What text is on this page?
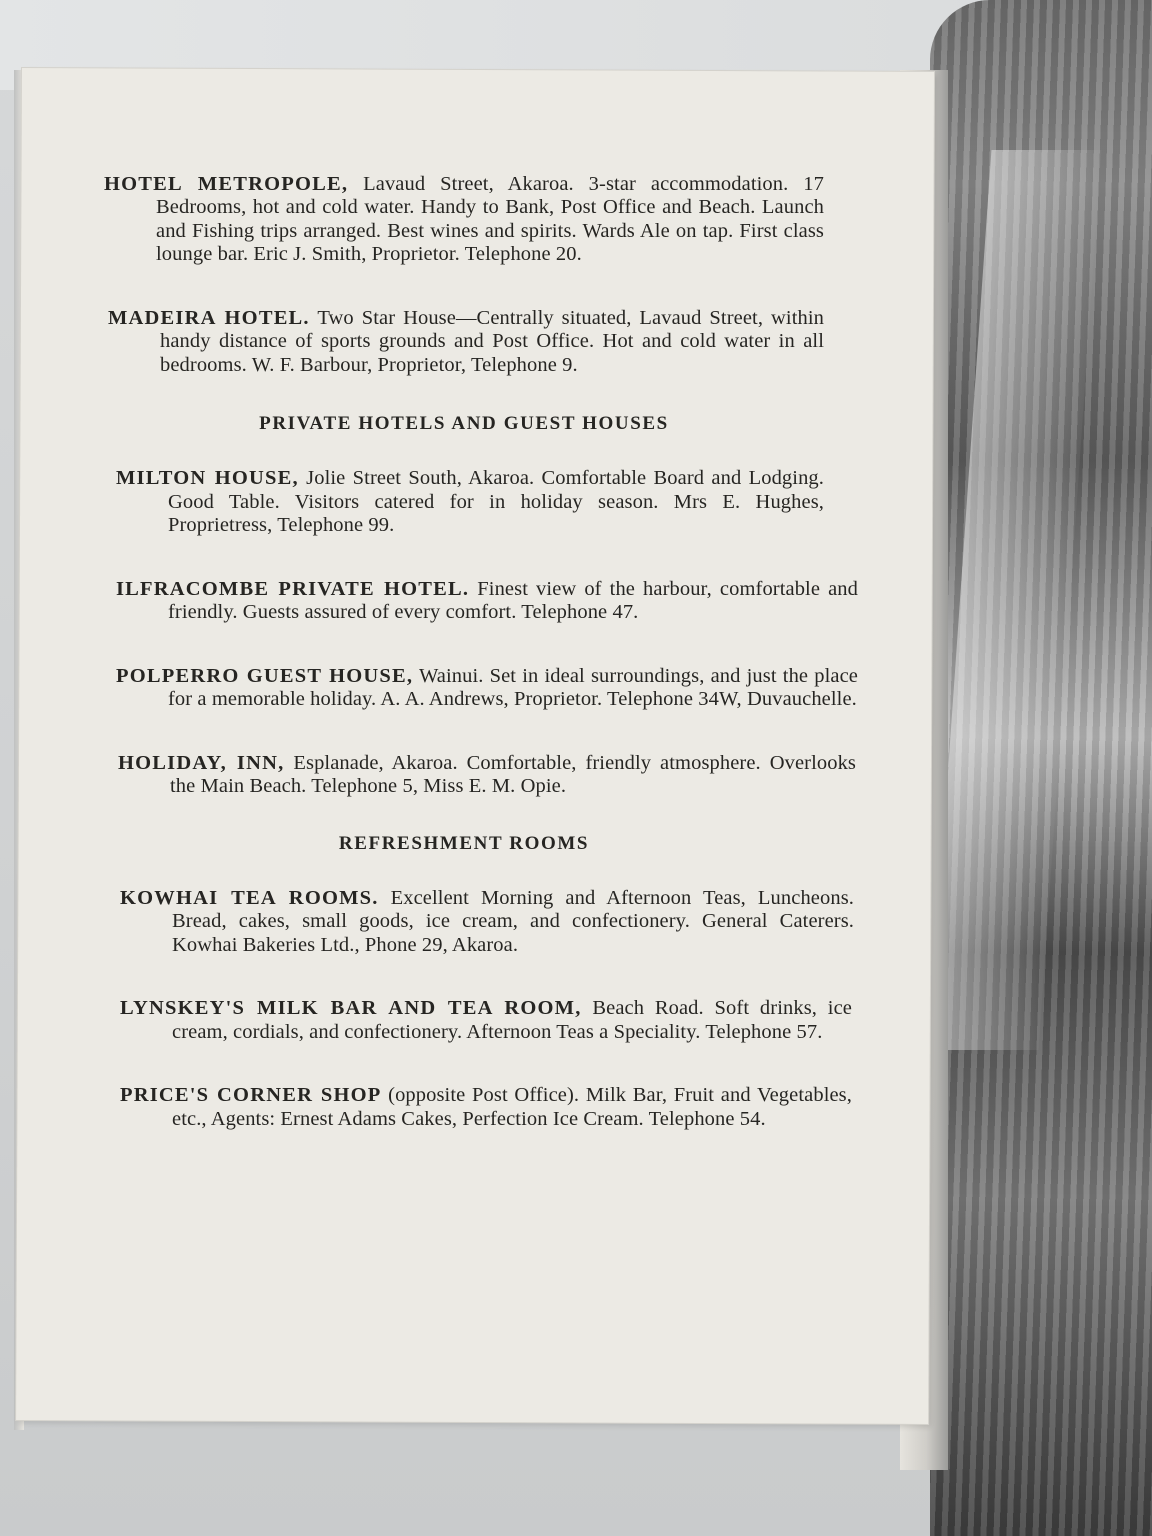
HOTEL METROPOLE, Lavaud Street, Akaroa. 3-star accommodation. 17 Bedrooms, hot and cold water. Handy to Bank, Post Office and Beach. Launch and Fishing trips arranged. Best wines and spirits. Wards Ale on tap. First class lounge bar. Eric J. Smith, Proprietor. Telephone 20.

MADEIRA HOTEL. Two Star House—Centrally situated, Lavaud Street, within handy distance of sports grounds and Post Office. Hot and cold water in all bedrooms. W. F. Barbour, Proprietor, Telephone 9.

PRIVATE HOTELS AND GUEST HOUSES

MILTON HOUSE, Jolie Street South, Akaroa. Comfortable Board and Lodging. Good Table. Visitors catered for in holiday season. Mrs E. Hughes, Proprietress, Telephone 99.

ILFRACOMBE PRIVATE HOTEL. Finest view of the harbour, comfortable and friendly. Guests assured of every comfort. Telephone 47.

POLPERRO GUEST HOUSE, Wainui. Set in ideal surroundings, and just the place for a memorable holiday. A. A. Andrews, Proprietor. Telephone 34W, Duvauchelle.

HOLIDAY, INN, Esplanade, Akaroa. Comfortable, friendly atmosphere. Overlooks the Main Beach. Telephone 5, Miss E. M. Opie.

REFRESHMENT ROOMS

KOWHAI TEA ROOMS. Excellent Morning and Afternoon Teas, Luncheons. Bread, cakes, small goods, ice cream, and confectionery. General Caterers. Kowhai Bakeries Ltd., Phone 29, Akaroa.

LYNSKEY'S MILK BAR AND TEA ROOM, Beach Road. Soft drinks, ice cream, cordials, and confectionery. Afternoon Teas a Speciality. Telephone 57.

PRICE'S CORNER SHOP (opposite Post Office). Milk Bar, Fruit and Vegetables, etc., Agents: Ernest Adams Cakes, Perfection Ice Cream. Telephone 54.
